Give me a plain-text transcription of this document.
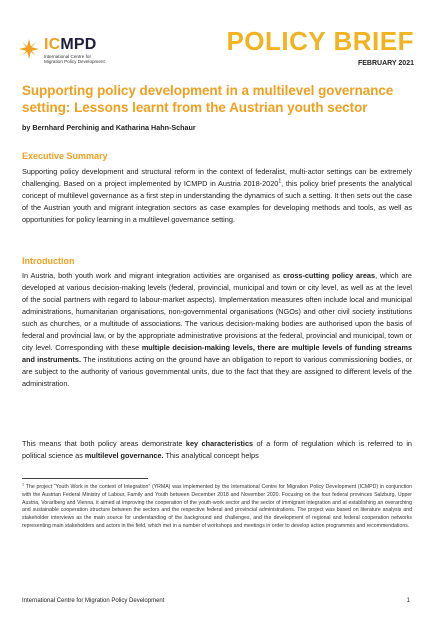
ICMPD
International Centre for
Migration Policy Development
POLICY BRIEF
FEBRUARY 2021
Supporting policy development in a multilevel governance setting: Lessons learnt from the Austrian youth sector
by Bernhard Perchinig and Katharina Hahn-Schaur
Executive Summary
Supporting policy development and structural reform in the context of federalist, multi-actor settings can be extremely challenging. Based on a project implemented by ICMPD in Austria 2018-2020$^1$, this policy brief presents the analytical concept of multilevel governance as a first step in understanding the dynamics of such a setting. It then sets out the case of the Austrian youth and migrant integration sectors as case examples for developing methods and tools, as well as opportunities for policy learning in a multilevel governance setting.
Introduction
In Austria, both youth work and migrant integration activities are organised as cross-cutting policy areas, which are developed at various decision-making levels (federal, provincial, municipal and town or city level, as well as at the level of the social partners with regard to labour-market aspects). Implementation measures often include local and municipal administrations, humanitarian organisations, non-governmental organisations (NGOs) and other civil society institutions such as churches, or a multitude of associations. The various decision-making bodies are authorised upon the basis of federal and provincial law, or by the appropriate administrative provisions at the federal, provincial and municipal, town or city level. Corresponding with these multiple decision-making levels, there are multiple levels of funding streams and instruments. The institutions acting on the ground have an obligation to report to various commissioning bodies, or are subject to the authority of various governmental units, due to the fact that they are assigned to different levels of the administration.
This means that both policy areas demonstrate key characteristics of a form of regulation which is referred to in political science as multilevel governance. This analytical concept helps
$^1$ The project “Youth Work in the context of Integration” (YRMA) was implemented by the International Centre for Migration Policy Development (ICMPD) in conjunction with the Austrian Federal Ministry of Labour, Family and Youth between December 2018 and November 2020. Focusing on the four federal provinces Salzburg, Upper Austria, Vorarlberg and Vienna, it aimed at improving the cooperation of the youth-work sector and the sector of immigrant integration and at establishing an overarching and sustainable cooperation structure between the sectors and the respective federal and provincial administrations. The project was based on literature analysis and stakeholder interviews as the main source for understanding of the background and challenges, and the development of regional and federal cooperation networks representing main stakeholders and actors in the field, which met in a number of workshops and meetings in order to develop action programmes and recommendations.
International Centre for Migration Policy Development	1
